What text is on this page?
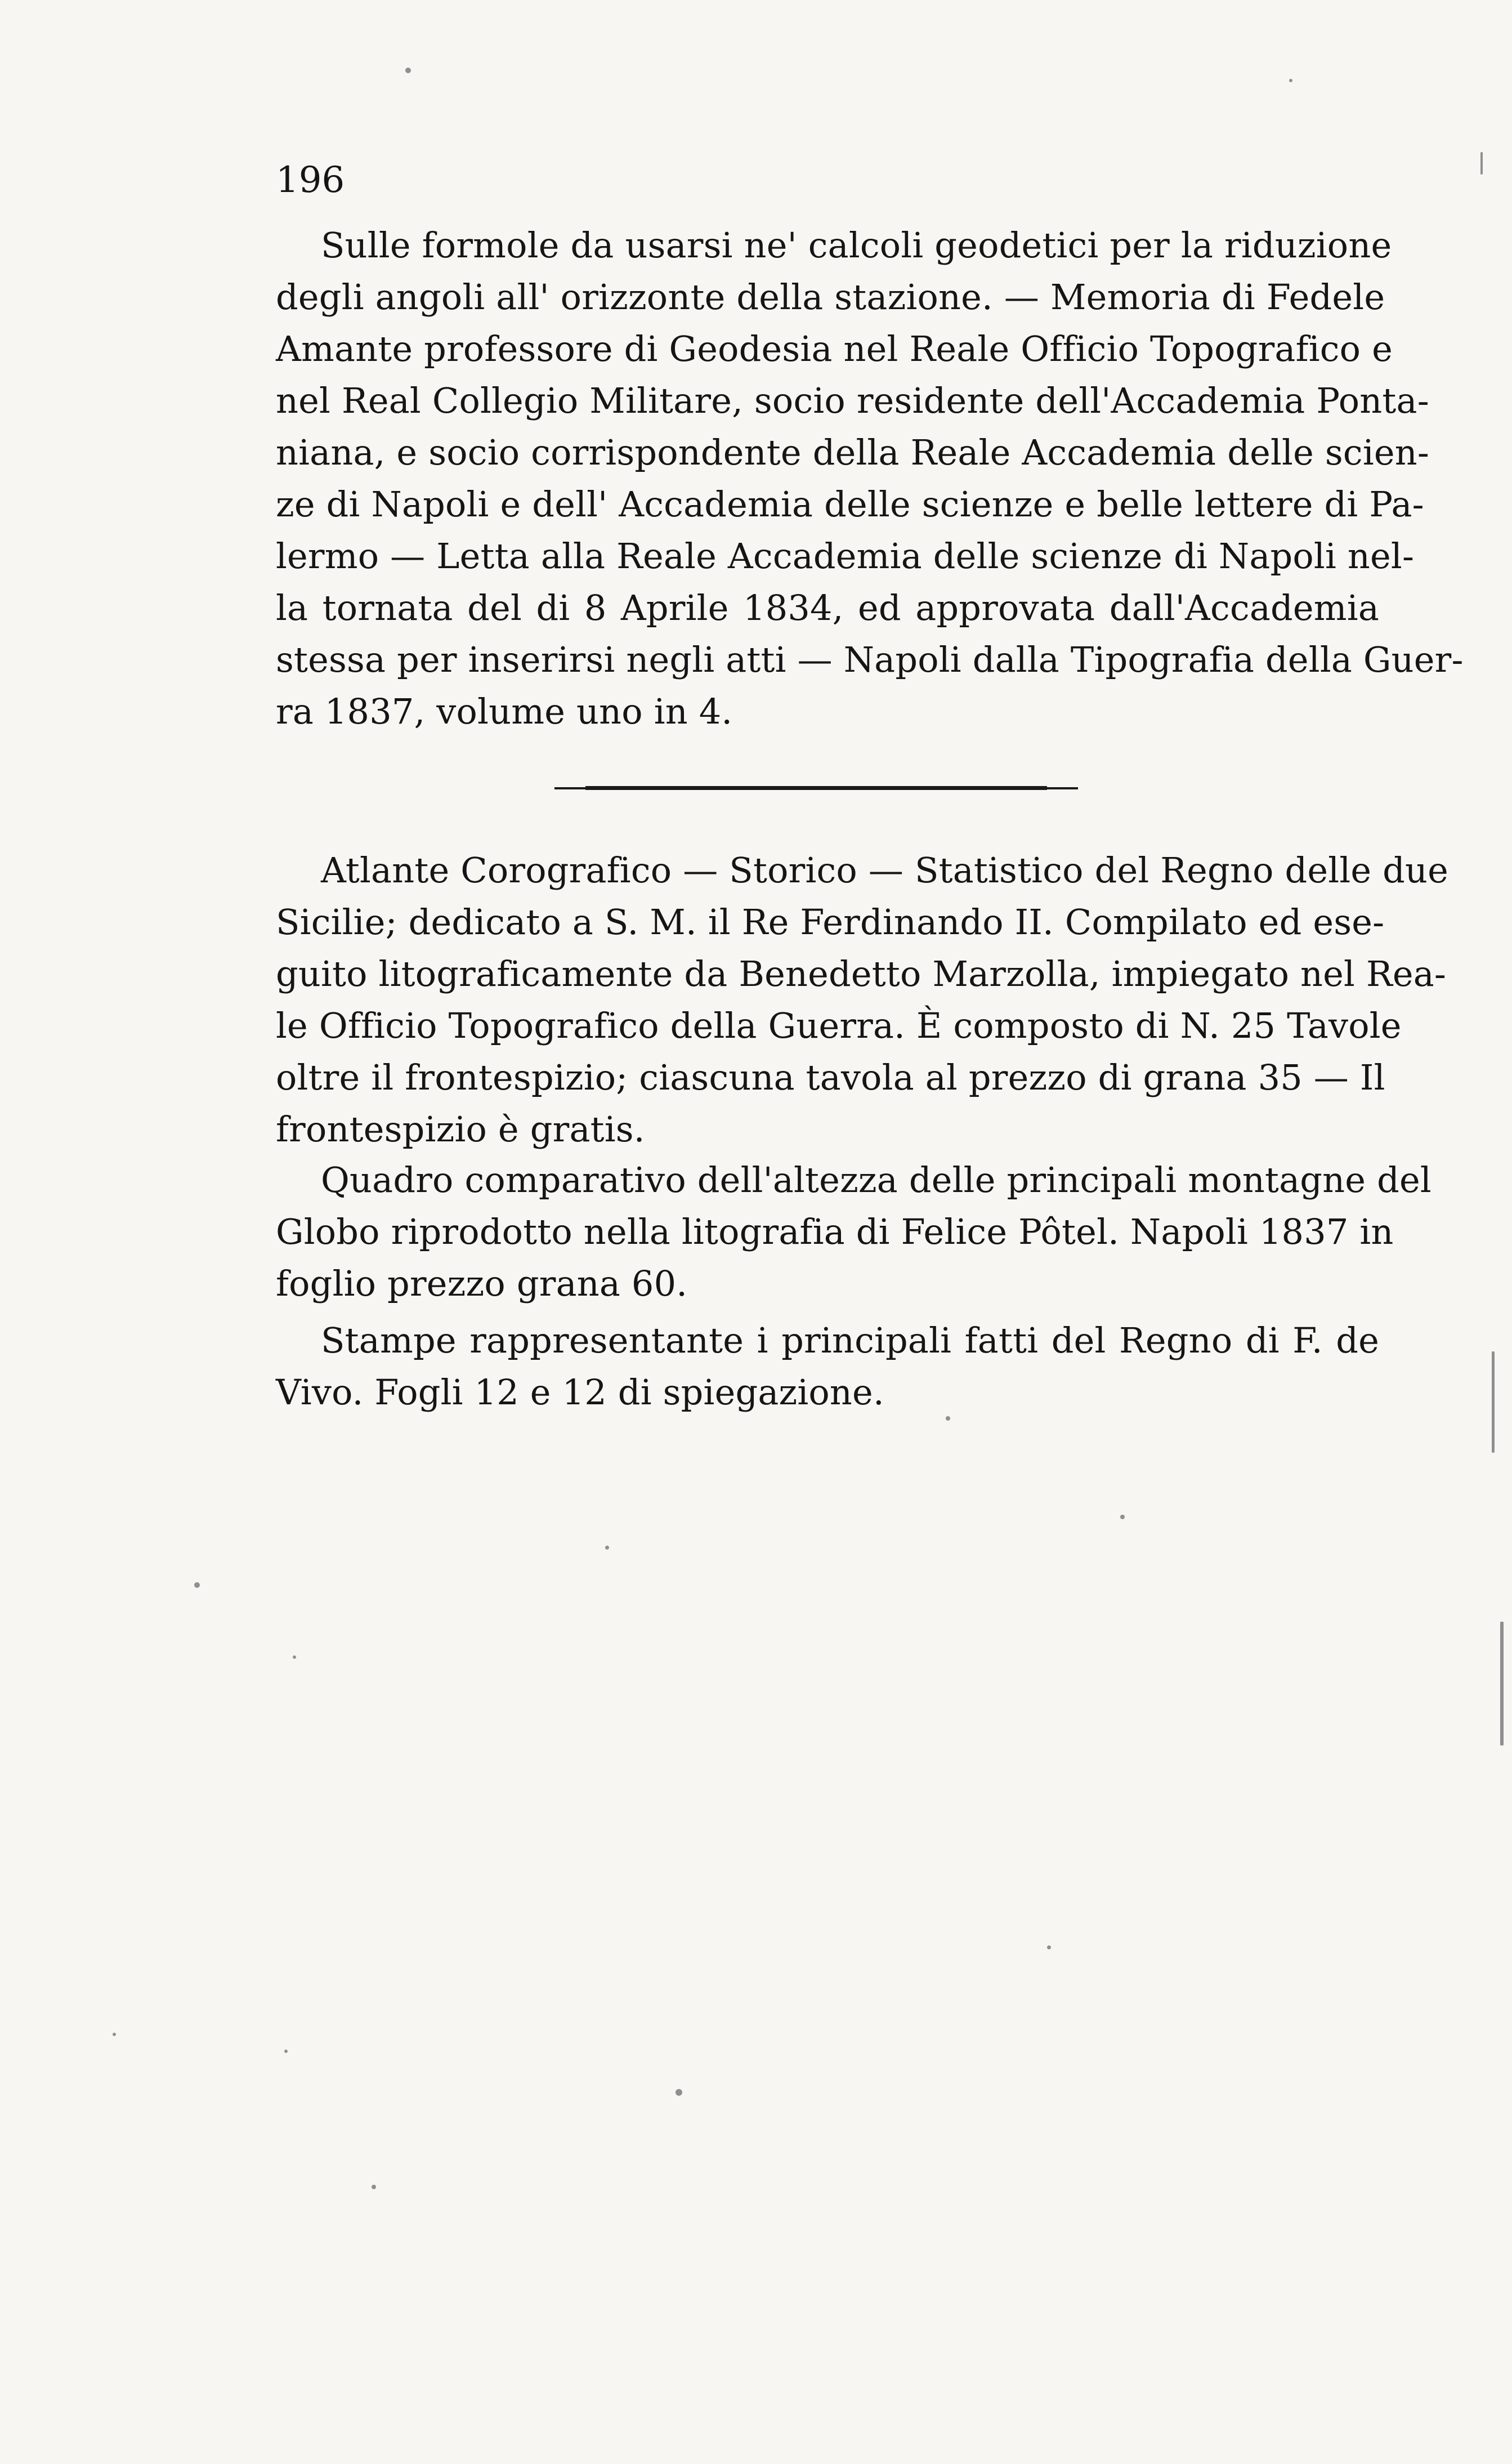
196
Sulle formole da usarsi ne' calcoli geodetici per la riduzione
degli angoli all' orizzonte della stazione. — Memoria di Fedele
Amante professore di Geodesia nel Reale Officio Topografico e
nel Real Collegio Militare, socio residente dell'Accademia Ponta-
niana, e socio corrispondente della Reale Accademia delle scien-
ze di Napoli e dell' Accademia delle scienze e belle lettere di Pa-
lermo — Letta alla Reale Accademia delle scienze di Napoli nel-
la tornata del di 8 Aprile 1834, ed approvata dall'Accademia
stessa per inserirsi negli atti — Napoli dalla Tipografia della Guer-
ra 1837, volume uno in 4.
Atlante Corografico — Storico — Statistico del Regno delle due
Sicilie; dedicato a S. M. il Re Ferdinando II. Compilato ed ese-
guito litograficamente da Benedetto Marzolla, impiegato nel Rea-
le Officio Topografico della Guerra. È composto di N. 25 Tavole
oltre il frontespizio; ciascuna tavola al prezzo di grana 35 — Il
frontespizio è gratis.
Quadro comparativo dell'altezza delle principali montagne del
Globo riprodotto nella litografia di Felice Pôtel. Napoli 1837 in
foglio prezzo grana 60.
Stampe rappresentante i principali fatti del Regno di F. de
Vivo. Fogli 12 e 12 di spiegazione.
